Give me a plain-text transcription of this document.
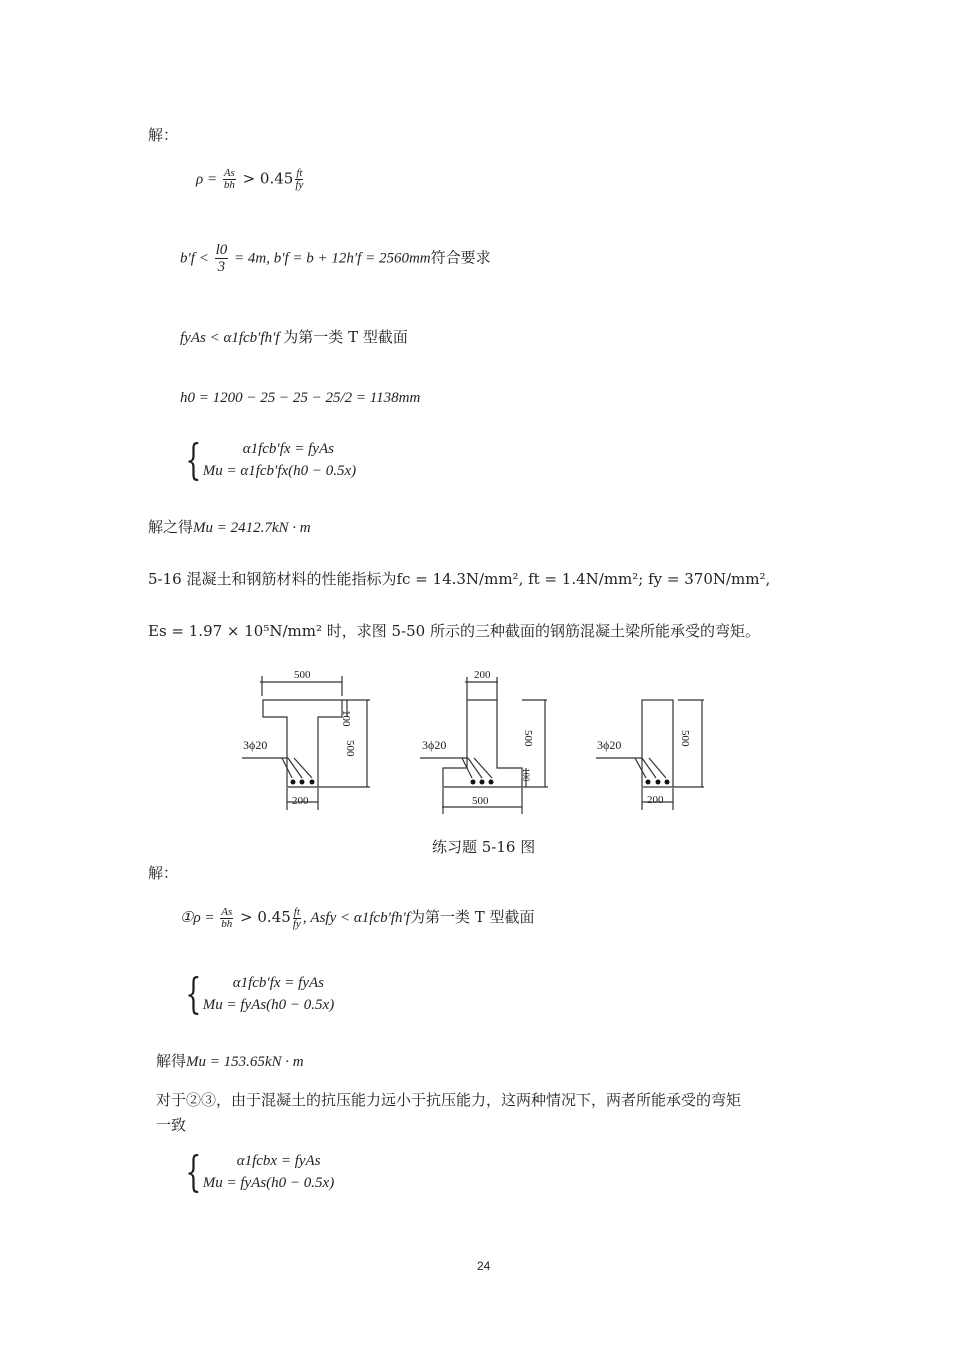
解：
$\rho = \frac{As}{bh} > 0.45 \frac{ft}{fy}$
$b'f < \frac{l0}{3} = 4m$, b′f = b + 12h′f = 2560mm符合要求
fyAs < α1fcb′fh′f 为第一类 T 型截面
h0 = 1200 − 25 − 25 − 25/2 = 1138mm
{	α1fcb′fx = fyAs
Mu = α1fcb′fx(h0 − 0.5x)
解之得Mu = 2412.7kN · m
5-16 混凝土和钢筋材料的性能指标为fc = 14.3N/mm², ft = 1.4N/mm²; fy = 370N/mm²,
Es = 1.97 × 10⁵N/mm² 时，求图 5-50 所示的三种截面的钢筋混凝土梁所能承受的弯矩。
500
100
500
200
3ϕ20
200
500
100
500
3ϕ20	500
200
3ϕ20
练习题 5-16 图
解：
①ρ = $\frac{As}{bh} > 0.45 \frac{ft}{fy}$ , Asfy < α1fcb′fh′f为第一类 T 型截面
{	α1fcb′fx = fyAs
Mu = fyAs(h0 − 0.5x)
解得Mu = 153.65kN · m
对于②③，由于混凝土的抗压能力远小于抗压能力，这两种情况下，两者所能承受的弯矩
一致
{	α1fcbx = fyAs
Mu = fyAs(h0 − 0.5x)
24
